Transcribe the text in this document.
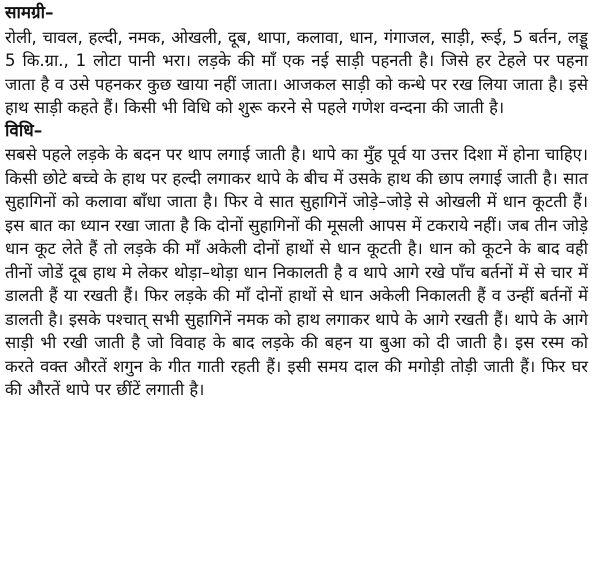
सामग्री–

रोली, चावल, हल्दी, नमक, ओखली, दूब, थापा, कलावा, धान, गंगाजल, साड़ी, रूई, 5 बर्तन, लड्डू 5 कि.ग्रा., 1 लोटा पानी भरा। लड़के की माँ एक नई साड़ी पहनती है। जिसे हर टेहले पर पहना जाता है व उसे पहनकर कुछ खाया नहीं जाता। आजकल साड़ी को कन्धे पर रख लिया जाता है। इसे हाथ साड़ी कहते हैं। किसी भी विधि को शुरू करने से पहले गणेश वन्दना की जाती है।

विधि–

सबसे पहले लड़के के बदन पर थाप लगाई जाती है। थापे का मुँह पूर्व या उत्तर दिशा में होना चाहिए। किसी छोटे बच्चे के हाथ पर हल्दी लगाकर थापे के बीच में उसके हाथ की छाप लगाई जाती है। सात सुहागिनों को कलावा बाँधा जाता है। फिर वे सात सुहागिनें जोड़े–जोड़े से ओखली में धान कूटती हैं। इस बात का ध्यान रखा जाता है कि दोनों सुहागिनों की मूसली आपस में टकराये नहीं। जब तीन जोड़े धान कूट लेते हैं तो लड़के की माँ अकेली दोनों हाथों से धान कूटती है। धान को कूटने के बाद वही तीनों जोडें दूब हाथ मे लेकर थोड़ा–थोड़ा धान निकालती है व थापे आगे रखे पाँच बर्तनों में से चार में डालती हैं या रखती हैं। फिर लड़के की माँ दोनों हाथों से धान अकेली निकालती हैं व उन्हीं बर्तनों में डालती है। इसके पश्चात् सभी सुहागिनें नमक को हाथ लगाकर थापे के आगे रखती हैं। थापे के आगे साड़ी भी रखी जाती है जो विवाह के बाद लड़के की बहन या बुआ को दी जाती है। इस रस्म को करते वक्त औरतें शगुन के गीत गाती रहती हैं। इसी समय दाल की मगोड़ी तोड़ी जाती हैं। फिर घर की औरतें थापे पर छींटें लगाती है।
